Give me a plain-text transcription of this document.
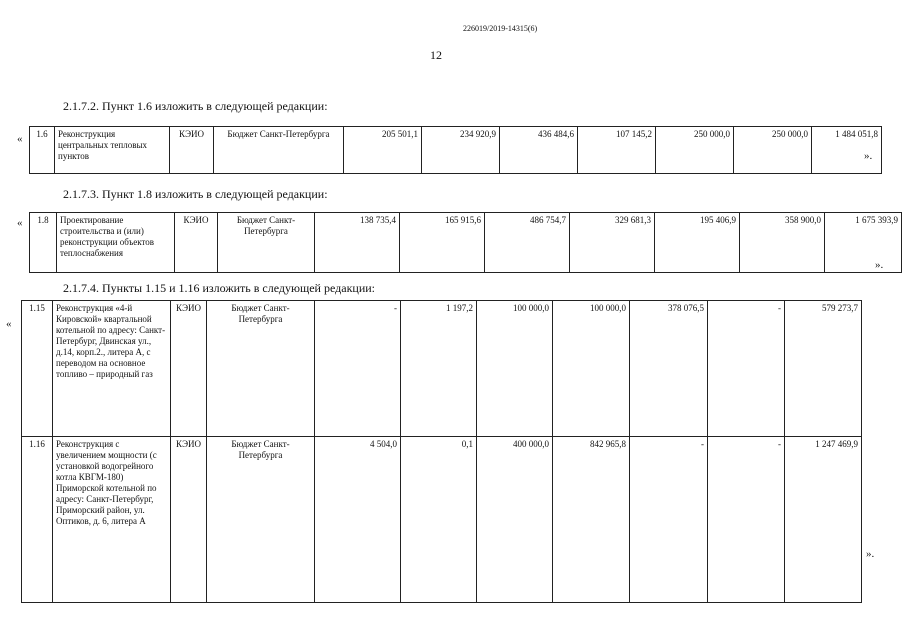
226019/2019-14315(6)
12
2.1.7.2. Пункт 1.6 изложить в следующей редакции:
« 1.6	Реконструкция центральных тепловых пунктов	КЭИО	Бюджет Санкт-Петербурга	205 501,1	234 920,9	436 484,6	107 145,2	250 000,0	250 000,0	1 484 051,8
».
2.1.7.3. Пункт 1.8 изложить в следующей редакции:
« 1.8	Проектирование строительства и (или) реконструкции объектов теплоснабжения	КЭИО	Бюджет Санкт-Петербурга	138 735,4	165 915,6	486 754,7	329 681,3	195 406,9	358 900,0	1 675 393,9
».
2.1.7.4. Пункты 1.15 и 1.16 изложить в следующей редакции:
«
1.15	Реконструкция «4-й Кировской» квартальной котельной по адресу: Санкт-Петербург, Двинская ул., д.14, корп.2., литера А, с переводом на основное топливо – природный газ	КЭИО	Бюджет Санкт-Петербурга	-	1 197,2	100 000,0	100 000,0	378 076,5	-	579 273,7
1.16	Реконструкция с увеличением мощности (с установкой водогрейного котла КВГМ-180) Приморской котельной по адресу: Санкт-Петербург, Приморский район, ул. Оптиков, д. 6, литера А	КЭИО	Бюджет Санкт-Петербурга	4 504,0	0,1	400 000,0	842 965,8	-	-	1 247 469,9
».
